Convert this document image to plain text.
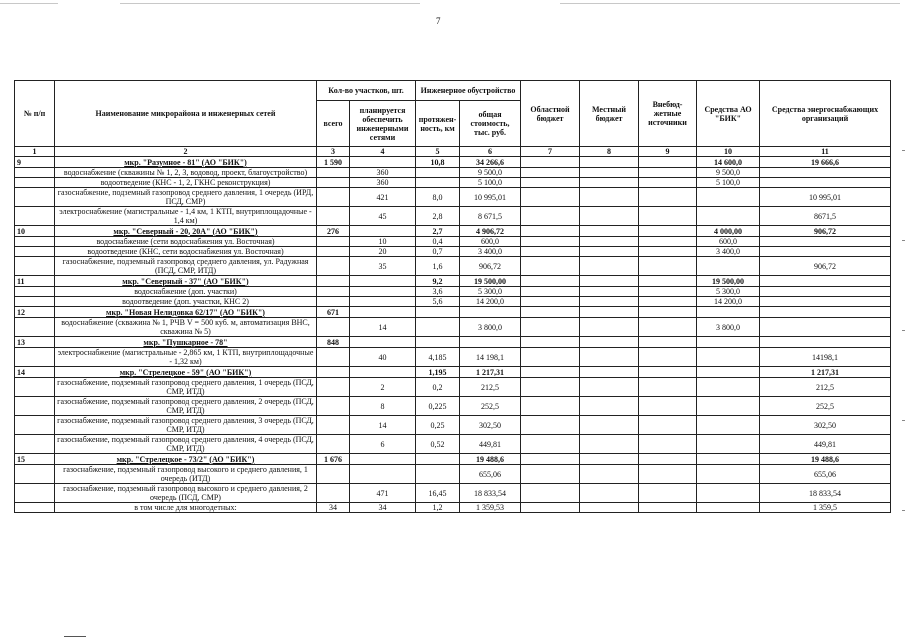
7
№ п/п	Наименование микрорайона и инженерных сетей	Кол-во участков, шт.		Инженерное обустройство		Областной бюджет	Местный бюджет	Внебюд-жетные источники	Средства АО "БИК"	Средства энергоснабжающих организаций
		всего	планируется обеспечить инженерными сетями	протяжен-ность, км	общая стоимость, тыс. руб.					
1	2	3	4	5	6	7	8	9	10	11
9	мкр. "Разумное - 81" (АО "БИК")	1 590		10,8	34 266,6				14 600,0	19 666,6
	водоснабжение (скважины № 1, 2, 3, водовод, проект, благоустройство)		360		9 500,0				9 500,0	
	водоотведение (КНС - 1, 2, ГКНС реконструкция)		360		5 100,0				5 100,0	
	газоснабжение, подземный газопровод среднего давления, 1 очередь (ИРД, ПСД, СМР)		421	8,0	10 995,01					10 995,01
	электроснабжение (магистральные - 1,4 км, 1 КТП, внутриплощадочные - 1,4 км)		45	2,8	8 671,5					8671,5
10	мкр. "Северный - 20, 20А" (АО "БИК")	276		2,7	4 906,72				4 000,00	906,72
	водоснабжение (сети водоснабжения ул. Восточная)		10	0,4	600,0				600,0	
	водоотведение (КНС, сети водоснабжения ул. Восточная)		20	0,7	3 400,0				3 400,0	
	газоснабжение, подземный газопровод среднего давления, ул. Радужная (ПСД, СМР, ИТД)		35	1,6	906,72					906,72
11	мкр. "Северный - 37" (АО "БИК")			9,2	19 500,00				19 500,00	
	водоснабжение (доп. участки)			3,6	5 300,0				5 300,0	
	водоотведение (доп. участки, КНС 2)			5,6	14 200,0				14 200,0	
12	мкр. "Новая Нелидовка 62/17" (АО "БИК")	671								
	водоснабжение (скважина № 1, РЧВ V = 500 куб. м, автоматизация ВНС, скважина № 5)		14		3 800,0				3 800,0	
13	мкр. "Пушкарное - 78"	848								
	электроснабжение (магистральные - 2,865 км, 1 КТП, внутриплощадочные - 1,32 км)		40	4,185	14 198,1					14198,1
14	мкр. "Стрелецкое - 59" (АО "БИК")			1,195	1 217,31					1 217,31
	газоснабжение, подземный газопровод среднего давления, 1 очередь (ПСД, СМР, ИТД)		2	0,2	212,5					212,5
	газоснабжение, подземный газопровод среднего давления, 2 очередь (ПСД, СМР, ИТД)		8	0,225	252,5					252,5
	газоснабжение, подземный газопровод среднего давления, 3 очередь (ПСД, СМР, ИТД)		14	0,25	302,50					302,50
	газоснабжение, подземный газопровод среднего давления, 4 очередь (ПСД, СМР, ИТД)		6	0,52	449,81					449,81
15	мкр. "Стрелецкое - 73/2" (АО "БИК")	1 676			19 488,6					19 488,6
	газоснабжение, подземный газопровод высокого и среднего давления, 1 очередь (ИТД)				655,06					655,06
	газоснабжение, подземный газопровод высокого и среднего давления, 2 очередь (ПСД, СМР)		471	16,45	18 833,54					18 833,54
	в том числе для многодетных:	34	34	1,2	1 359,53					1 359,5
